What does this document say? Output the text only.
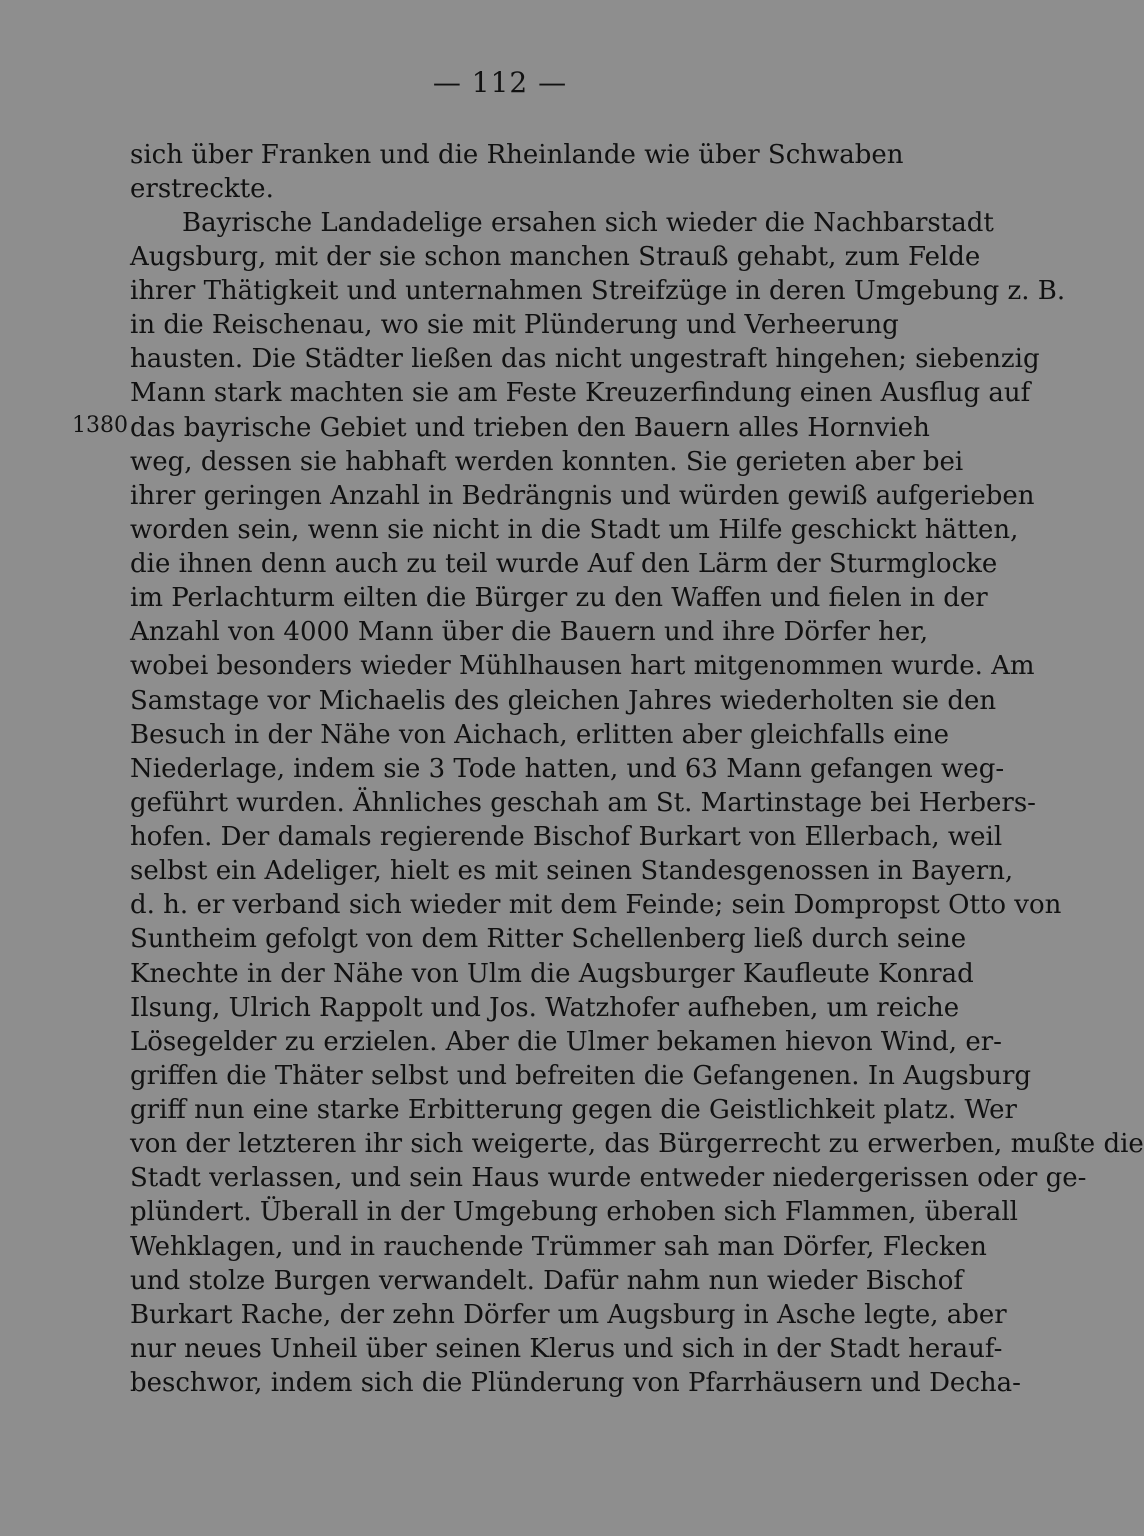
— 112 —
1380
sich über Franken und die Rheinlande wie über Schwaben
erstreckte.
Bayrische Landadelige ersahen sich wieder die Nachbarstadt
Augsburg, mit der sie schon manchen Strauß gehabt, zum Felde
ihrer Thätigkeit und unternahmen Streifzüge in deren Umgebung z. B.
in die Reischenau, wo sie mit Plünderung und Verheerung
hausten. Die Städter ließen das nicht ungestraft hingehen; siebenzig
Mann stark machten sie am Feste Kreuzerfindung einen Ausflug auf
das bayrische Gebiet und trieben den Bauern alles Hornvieh
weg, dessen sie habhaft werden konnten. Sie gerieten aber bei
ihrer geringen Anzahl in Bedrängnis und würden gewiß aufgerieben
worden sein, wenn sie nicht in die Stadt um Hilfe geschickt hätten,
die ihnen denn auch zu teil wurde Auf den Lärm der Sturmglocke
im Perlachturm eilten die Bürger zu den Waffen und fielen in der
Anzahl von 4000 Mann über die Bauern und ihre Dörfer her,
wobei besonders wieder Mühlhausen hart mitgenommen wurde. Am
Samstage vor Michaelis des gleichen Jahres wiederholten sie den
Besuch in der Nähe von Aichach, erlitten aber gleichfalls eine
Niederlage, indem sie 3 Tode hatten, und 63 Mann gefangen weg-
geführt wurden. Ähnliches geschah am St. Martinstage bei Herbers-
hofen. Der damals regierende Bischof Burkart von Ellerbach, weil
selbst ein Adeliger, hielt es mit seinen Standesgenossen in Bayern,
d. h. er verband sich wieder mit dem Feinde; sein Dompropst Otto von
Suntheim gefolgt von dem Ritter Schellenberg ließ durch seine
Knechte in der Nähe von Ulm die Augsburger Kaufleute Konrad
Ilsung, Ulrich Rappolt und Jos. Watzhofer aufheben, um reiche
Lösegelder zu erzielen. Aber die Ulmer bekamen hievon Wind, er-
griffen die Thäter selbst und befreiten die Gefangenen. In Augsburg
griff nun eine starke Erbitterung gegen die Geistlichkeit platz. Wer
von der letzteren ihr sich weigerte, das Bürgerrecht zu erwerben, mußte die
Stadt verlassen, und sein Haus wurde entweder niedergerissen oder ge-
plündert. Überall in der Umgebung erhoben sich Flammen, überall
Wehklagen, und in rauchende Trümmer sah man Dörfer, Flecken
und stolze Burgen verwandelt. Dafür nahm nun wieder Bischof
Burkart Rache, der zehn Dörfer um Augsburg in Asche legte, aber
nur neues Unheil über seinen Klerus und sich in der Stadt herauf-
beschwor, indem sich die Plünderung von Pfarrhäusern und Decha-
